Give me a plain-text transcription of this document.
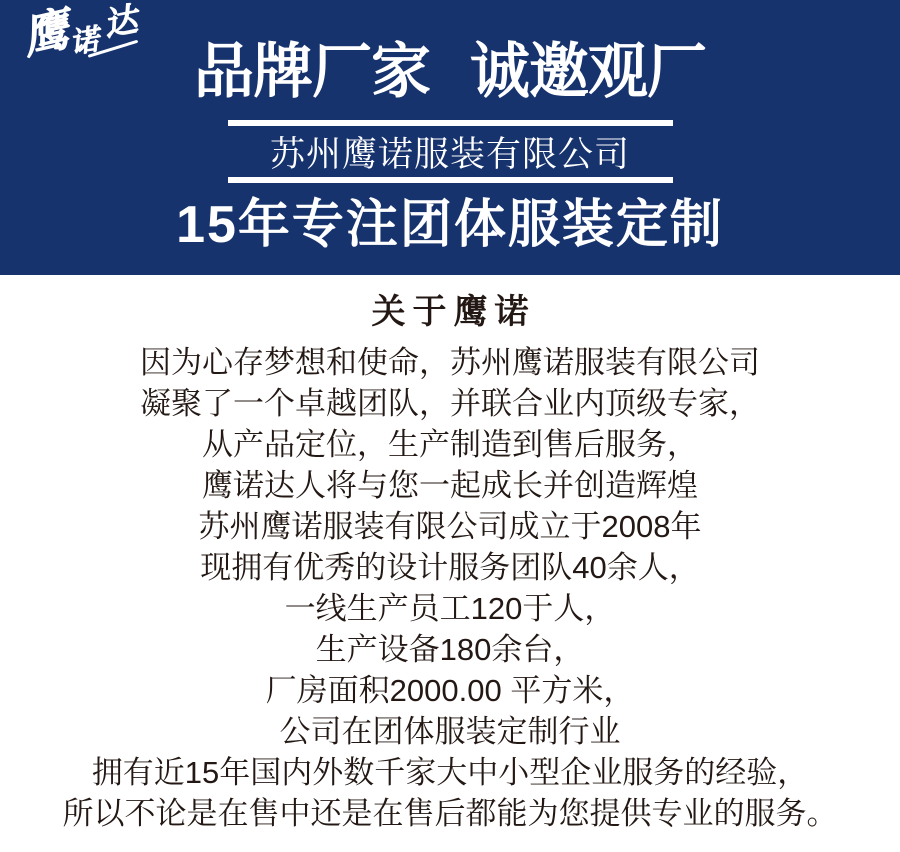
鹰 诺 达
品牌厂家 诚邀观厂
苏州鹰诺服装有限公司
15年专注团体服装定制
关于鹰诺

因为心存梦想和使命，苏州鹰诺服装有限公司

凝聚了一个卓越团队，并联合业内顶级专家，

从产品定位，生产制造到售后服务，

鹰诺达人将与您一起成长并创造辉煌

苏州鹰诺服装有限公司成立于2008年

现拥有优秀的设计服务团队40余人，

一线生产员工120于人，

生产设备180余台，

厂房面积2000.00 平方米，

公司在团体服装定制行业

拥有近15年国内外数千家大中小型企业服务的经验，

所以不论是在售中还是在售后都能为您提供专业的服务。
